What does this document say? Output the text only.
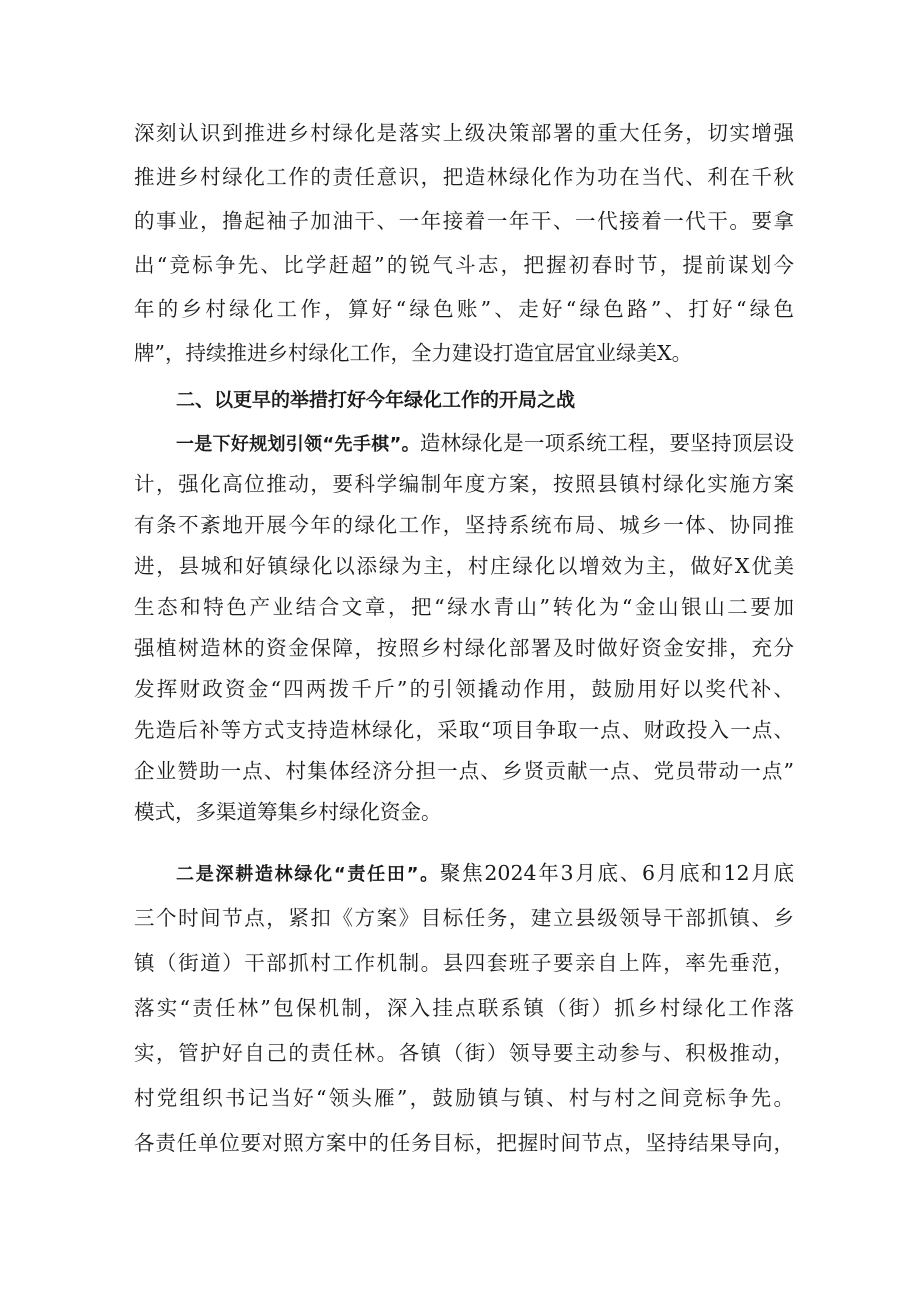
深刻认识到推进乡村绿化是落实上级决策部署的重大任务，切实增强
推进乡村绿化工作的责任意识，把造林绿化作为功在当代、利在千秋
的事业，撸起袖子加油干、一年接着一年干、一代接着一代干。要拿
出“竞标争先、比学赶超”的锐气斗志，把握初春时节，提前谋划今
年的乡村绿化工作，算好“绿色账”、走好“绿色路”、打好“绿色
牌”，持续推进乡村绿化工作，全力建设打造宜居宜业绿美X。
二、以更早的举措打好今年绿化工作的开局之战
一是下好规划引领“先手棋”。造林绿化是一项系统工程，要坚持顶层设
计，强化高位推动，要科学编制年度方案，按照县镇村绿化实施方案
有条不紊地开展今年的绿化工作，坚持系统布局、城乡一体、协同推
进，县城和好镇绿化以添绿为主，村庄绿化以增效为主，做好X优美
生态和特色产业结合文章，把“绿水青山”转化为“金山银山二要加
强植树造林的资金保障，按照乡村绿化部署及时做好资金安排，充分
发挥财政资金“四两拨千斤”的引领撬动作用，鼓励用好以奖代补、
先造后补等方式支持造林绿化，采取“项目争取一点、财政投入一点、
企业赞助一点、村集体经济分担一点、乡贤贡献一点、党员带动一点”
模式，多渠道筹集乡村绿化资金。
二是深耕造林绿化“责任田”。聚焦2024年3月底、6月底和12月底
三个时间节点，紧扣《方案》目标任务，建立县级领导干部抓镇、乡
镇（街道）干部抓村工作机制。县四套班子要亲自上阵，率先垂范，
落实“责任林”包保机制，深入挂点联系镇（街）抓乡村绿化工作落
实，管护好自己的责任林。各镇（街）领导要主动参与、积极推动，
村党组织书记当好“领头雁”，鼓励镇与镇、村与村之间竞标争先。
各责任单位要对照方案中的任务目标，把握时间节点，坚持结果导向，
